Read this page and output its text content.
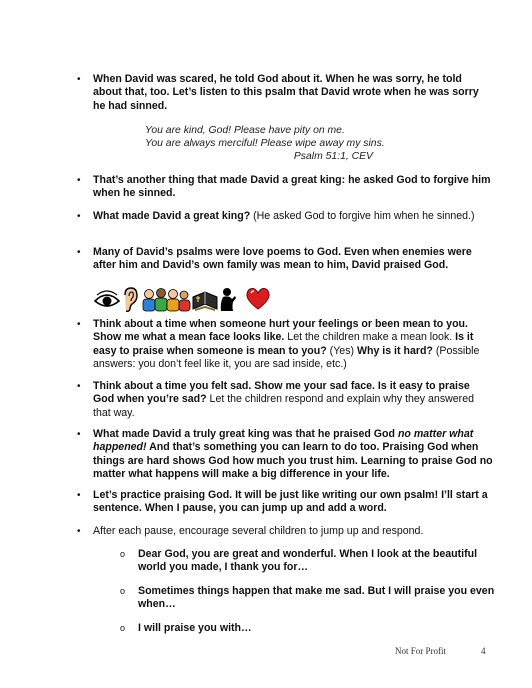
• When David was scared, he told God about it. When he was sorry, he told about that, too. Let’s listen to this psalm that David wrote when he was sorry he had sinned.
You are kind, God! Please have pity on me.
You are always merciful! Please wipe away my sins.
Psalm 51:1, CEV
• That’s another thing that made David a great king: he asked God to forgive him when he sinned.
• What made David a great king? (He asked God to forgive him when he sinned.)
• Many of David’s psalms were love poems to God. Even when enemies were after him and David’s own family was mean to him, David praised God.
• Think about a time when someone hurt your feelings or been mean to you. Show me what a mean face looks like. Let the children make a mean look. Is it easy to praise when someone is mean to you? (Yes) Why is it hard? (Possible answers: you don’t feel like it, you are sad inside, etc.)
• Think about a time you felt sad. Show me your sad face. Is it easy to praise God when you’re sad? Let the children respond and explain why they answered that way.
• What made David a truly great king was that he praised God no matter what happened! And that’s something you can learn to do too. Praising God when things are hard shows God how much you trust him. Learning to praise God no matter what happens will make a big difference in your life.
• Let’s practice praising God. It will be just like writing our own psalm! I’ll start a sentence. When I pause, you can jump up and add a word.
• After each pause, encourage several children to jump up and respond.
o Dear God, you are great and wonderful. When I look at the beautiful world you made, I thank you for…
o Sometimes things happen that make me sad. But I will praise you even when…
o I will praise you with…
Not For Profit	4
